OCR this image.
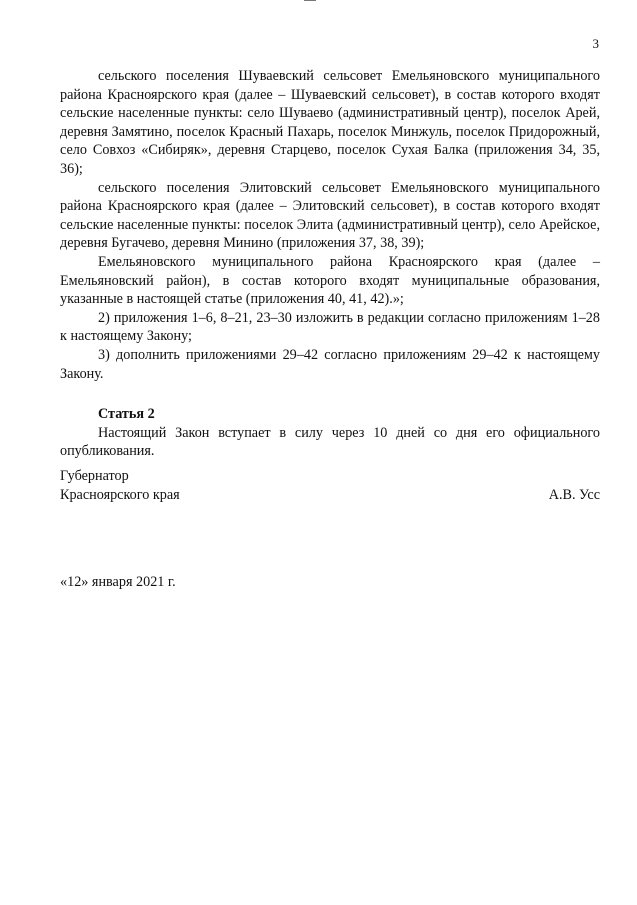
3

сельского поселения Шуваевский сельсовет Емельяновского муниципального района Красноярского края (далее – Шуваевский сельсовет), в состав которого входят сельские населенные пункты: село Шуваево (административный центр), поселок Арей, деревня Замятино, поселок Красный Пахарь, поселок Минжуль, поселок Придорожный, село Совхоз «Сибиряк», деревня Старцево, поселок Сухая Балка (приложения 34, 35, 36);

сельского поселения Элитовский сельсовет Емельяновского муниципального района Красноярского края (далее – Элитовский сельсовет), в состав которого входят сельские населенные пункты: поселок Элита (административный центр), село Арейское, деревня Бугачево, деревня Минино (приложения 37, 38, 39);

Емельяновского муниципального района Красноярского края (далее – Емельяновский район), в состав которого входят муниципальные образования, указанные в настоящей статье (приложения 40, 41, 42).»;

2) приложения 1–6, 8–21, 23–30 изложить в редакции согласно приложениям 1–28 к настоящему Закону;

3) дополнить приложениями 29–42 согласно приложениям 29–42 к настоящему Закону.

Статья 2

Настоящий Закон вступает в силу через 10 дней со дня его официального опубликования.

Губернатор
Красноярского края	А.В. Усс
«12» января 2021 г.
